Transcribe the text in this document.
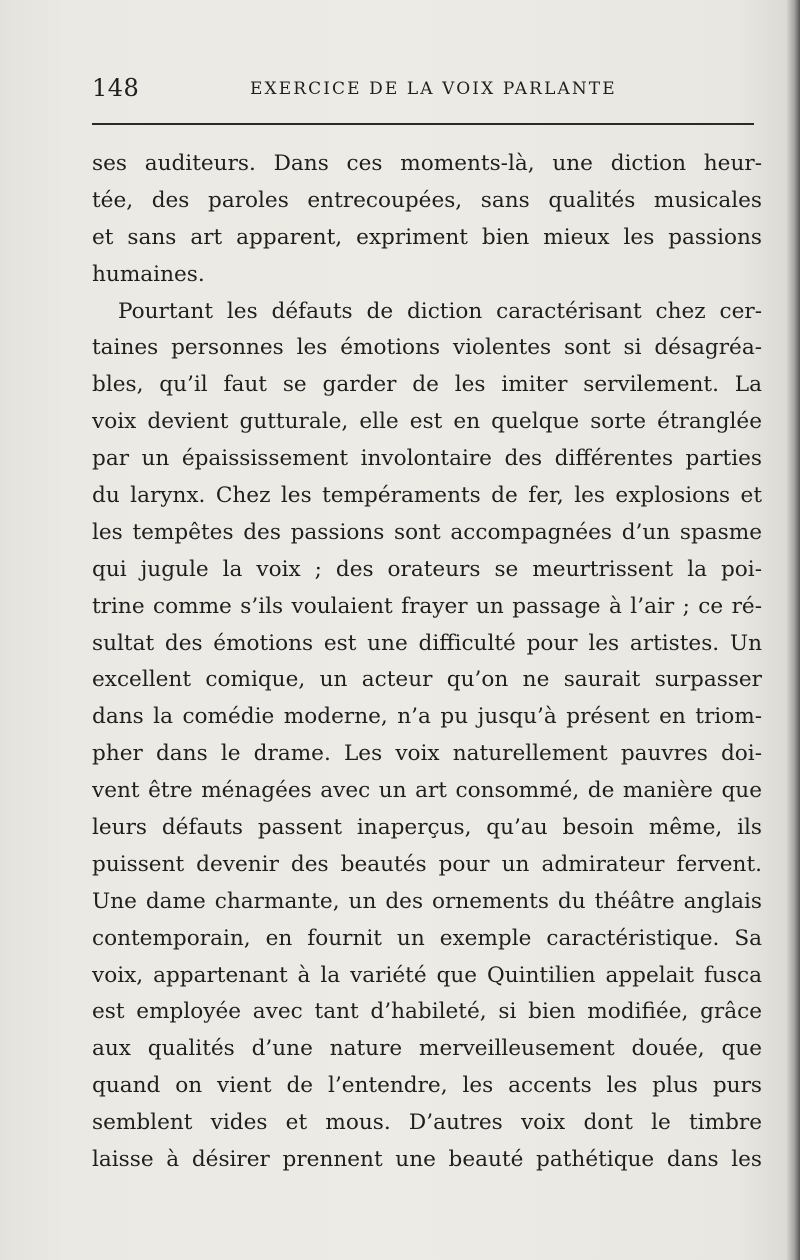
148	EXERCICE DE LA VOIX PARLANTE
ses auditeurs. Dans ces moments-là, une diction heur-
tée, des paroles entrecoupées, sans qualités musicales
et sans art apparent, expriment bien mieux les passions
humaines.
Pourtant les défauts de diction caractérisant chez cer-
taines personnes les émotions violentes sont si désagréa-
bles, qu’il faut se garder de les imiter servilement. La
voix devient gutturale, elle est en quelque sorte étranglée
par un épaississement involontaire des différentes parties
du larynx. Chez les tempéraments de fer, les explosions et
les tempêtes des passions sont accompagnées d’un spasme
qui jugule la voix ; des orateurs se meurtrissent la poi-
trine comme s’ils voulaient frayer un passage à l’air ; ce ré-
sultat des émotions est une difficulté pour les artistes. Un
excellent comique, un acteur qu’on ne saurait surpasser
dans la comédie moderne, n’a pu jusqu’à présent en triom-
pher dans le drame. Les voix naturellement pauvres doi-
vent être ménagées avec un art consommé, de manière que
leurs défauts passent inaperçus, qu’au besoin même, ils
puissent devenir des beautés pour un admirateur fervent.
Une dame charmante, un des ornements du théâtre anglais
contemporain, en fournit un exemple caractéristique. Sa
voix, appartenant à la variété que Quintilien appelait fusca
est employée avec tant d’habileté, si bien modifiée, grâce
aux qualités d’une nature merveilleusement douée, que
quand on vient de l’entendre, les accents les plus purs
semblent vides et mous. D’autres voix dont le timbre
laisse à désirer prennent une beauté pathétique dans les
